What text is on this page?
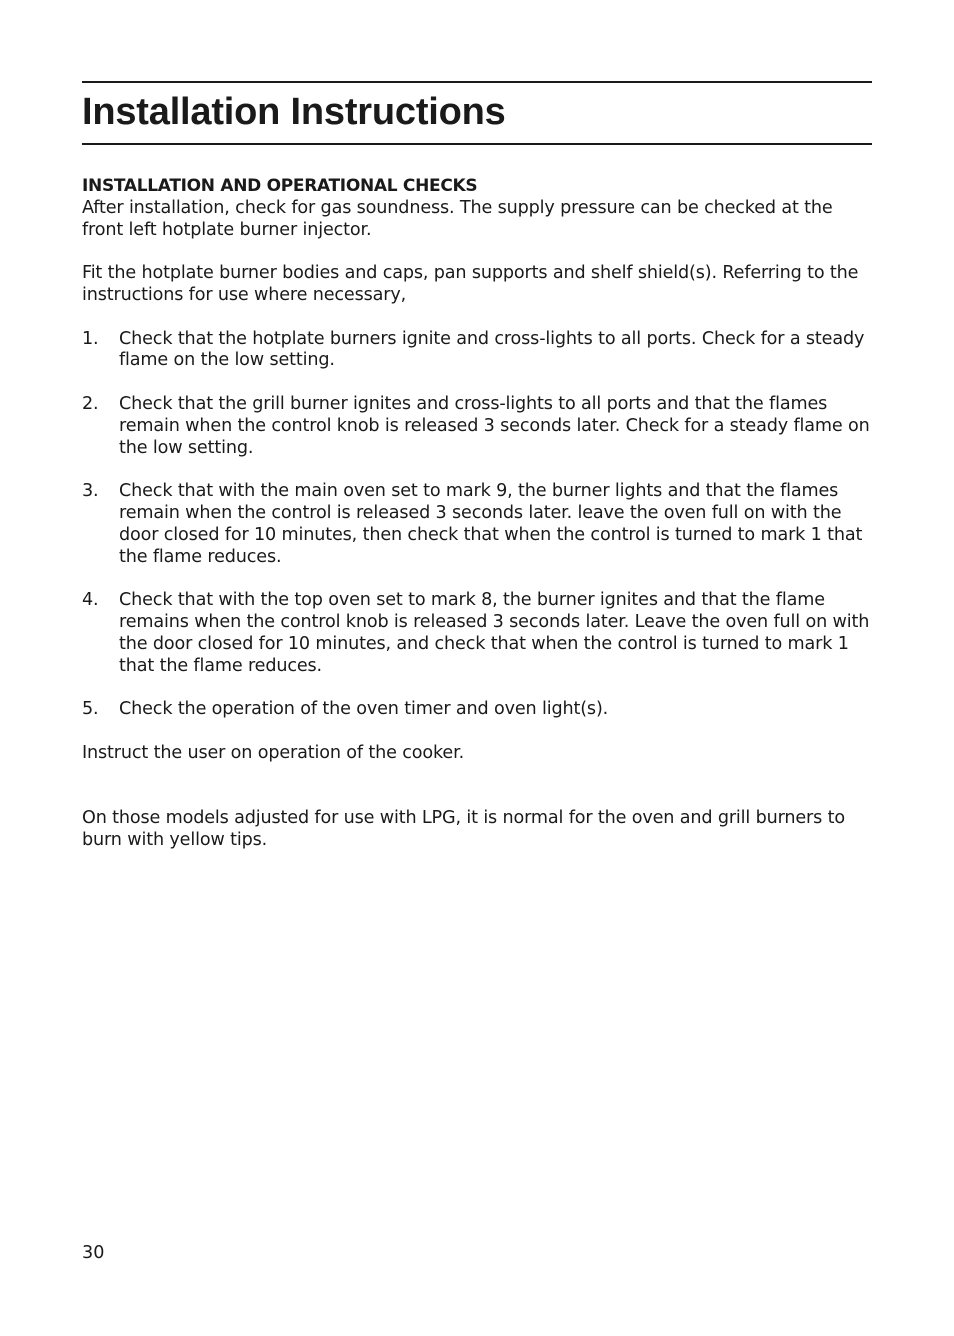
Installation Instructions

INSTALLATION AND OPERATIONAL CHECKS

After installation, check for gas soundness. The supply pressure can be checked at the front left hotplate burner injector.

Fit the hotplate burner bodies and caps, pan supports and shelf shield(s). Referring to the instructions for use where necessary,

1. Check that the hotplate burners ignite and cross-lights to all ports. Check for a steady flame on the low setting.
2. Check that the grill burner ignites and cross-lights to all ports and that the flames remain when the control knob is released 3 seconds later. Check for a steady flame on the low setting.
3. Check that with the main oven set to mark 9, the burner lights and that the flames remain when the control is released 3 seconds later. leave the oven full on with the door closed for 10 minutes, then check that when the control is turned to mark 1 that the flame reduces.
4. Check that with the top oven set to mark 8, the burner ignites and that the flame remains when the control knob is released 3 seconds later. Leave the oven full on with the door closed for 10 minutes, and check that when the control is turned to mark 1 that the flame reduces.
5. Check the operation of the oven timer and oven light(s).

Instruct the user on operation of the cooker.

On those models adjusted for use with LPG, it is normal for the oven and grill burners to burn with yellow tips.

30
